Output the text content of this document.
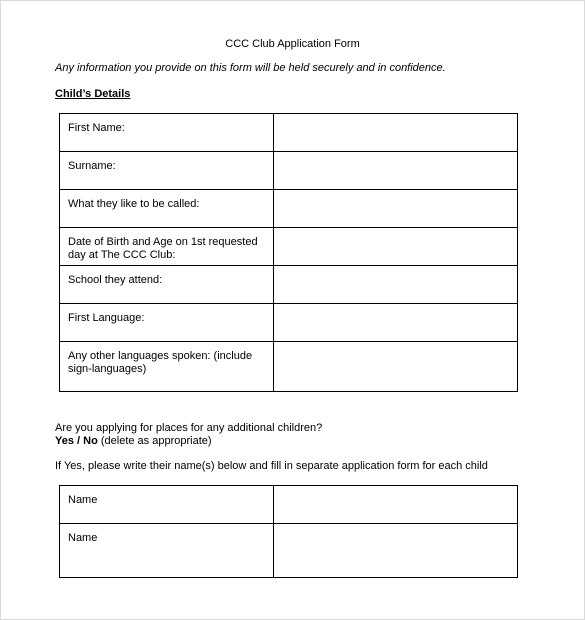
CCC Club Application Form
Any information you provide on this form will be held securely and in confidence.
Child’s Details
First Name:	
Surname:	
What they like to be called:	
Date of Birth and Age on 1st requested day at The CCC Club:	
School they attend:	
First Language:	
Any other languages spoken: (include sign-languages)	
Are you applying for places for any additional children?
Yes / No (delete as appropriate)
If Yes, please write their name(s) below and fill in separate application form for each child
Name	
Name	
